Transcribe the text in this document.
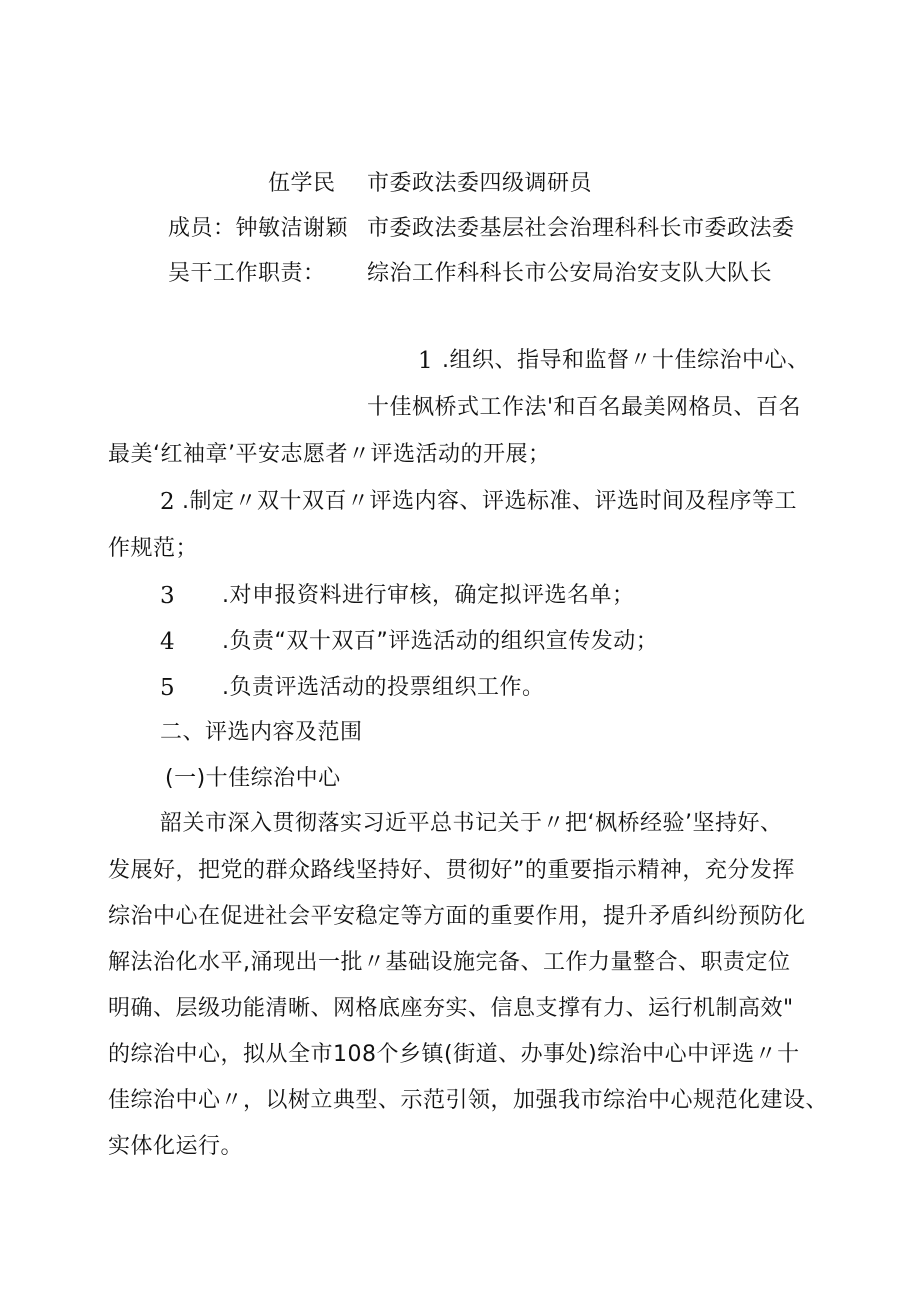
伍学民 市委政法委四级调研员
成员：钟敏洁谢颖 市委政法委基层社会治理科科长市委政法委
吴干工作职责： 综治工作科科长市公安局治安支队大队长
1 .组织、指导和监督〃十佳综治中心、
十佳枫桥式工作法'和百名最美网格员、百名
最美‘红袖章’平安志愿者〃评选活动的开展；
2 .制定〃双十双百〃评选内容、评选标准、评选时间及程序等工
作规范；
3 .对申报资料进行审核，确定拟评选名单；
4 .负责“双十双百”评选活动的组织宣传发动；
5 .负责评选活动的投票组织工作。
二、评选内容及范围
(一)十佳综治中心
韶关市深入贯彻落实习近平总书记关于〃把‘枫桥经验’坚持好、
发展好，把党的群众路线坚持好、贯彻好”的重要指示精神，充分发挥
综治中心在促进社会平安稳定等方面的重要作用，提升矛盾纠纷预防化
解法治化水平,涌现出一批〃基础设施完备、工作力量整合、职责定位
明确、层级功能清晰、网格底座夯实、信息支撑有力、运行机制高效"
的综治中心，拟从全市108个乡镇(街道、办事处)综治中心中评选〃十
佳综治中心〃，以树立典型、示范引领，加强我市综治中心规范化建设、
实体化运行。
